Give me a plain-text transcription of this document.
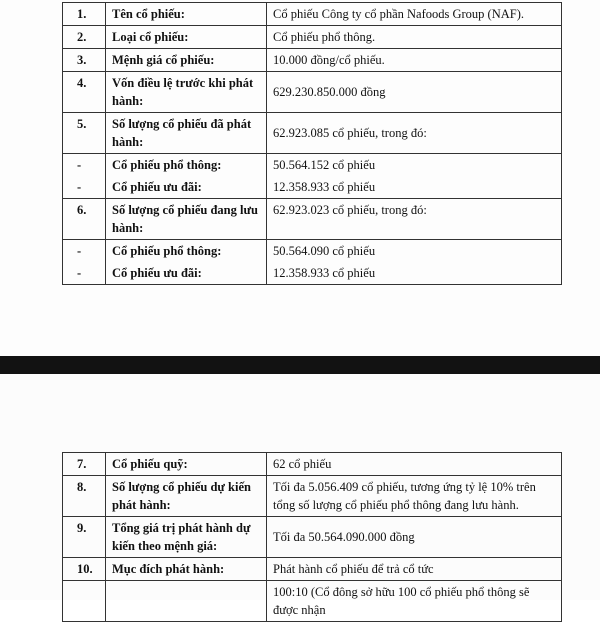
1.	Tên cổ phiếu:	Cổ phiếu Công ty cổ phần Nafoods Group (NAF).
2.	Loại cổ phiếu:	Cổ phiếu phổ thông.
3.	Mệnh giá cổ phiếu:	10.000 đồng/cổ phiếu.
4.	Vốn điều lệ trước khi phát hành:	629.230.850.000 đồng
5.	Số lượng cổ phiếu đã phát hành:	62.923.085 cổ phiếu, trong đó:
-	Cổ phiếu phổ thông:	50.564.152 cổ phiếu
-	Cổ phiếu ưu đãi:	12.358.933 cổ phiếu
6.	Số lượng cổ phiếu đang lưu hành:	62.923.023 cổ phiếu, trong đó:
-	Cổ phiếu phổ thông:	50.564.090 cổ phiếu
-	Cổ phiếu ưu đãi:	12.358.933 cổ phiếu
7.	Cổ phiếu quỹ:	62 cổ phiếu
8.	Số lượng cổ phiếu dự kiến phát hành:	Tối đa 5.056.409 cổ phiếu, tương ứng tỷ lệ 10% trên tổng số lượng cổ phiếu phổ thông đang lưu hành.
9.	Tổng giá trị phát hành dự kiến theo mệnh giá:	Tối đa 50.564.090.000 đồng
10.	Mục đích phát hành:	Phát hành cổ phiếu để trả cổ tức
		100:10 (Cổ đông sở hữu 100 cổ phiếu phổ thông sẽ được nhận
